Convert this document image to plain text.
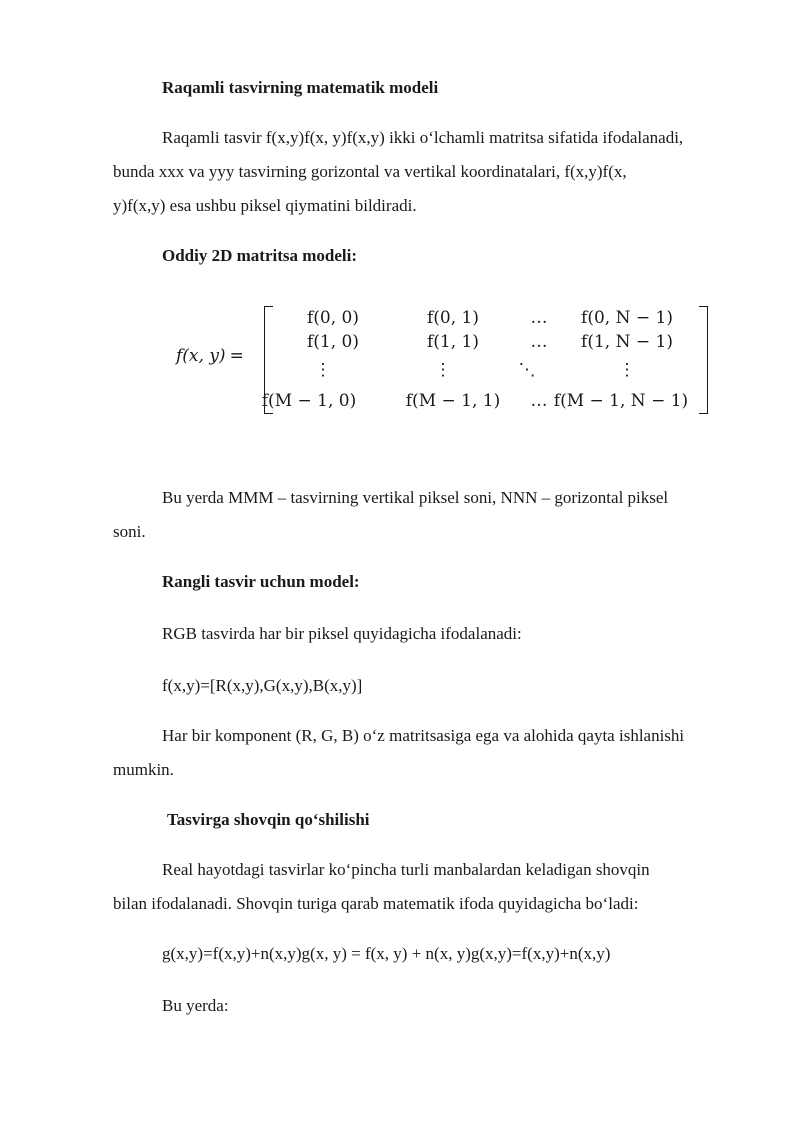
Raqamli tasvirning matematik modeli
Raqamli tasvir f(x,y)f(x, y)f(x,y) ikki oʻlchamli matritsa sifatida ifodalanadi,
bunda xxx va yyy tasvirning gorizontal va vertikal koordinatalari, f(x,y)f(x,
y)f(x,y) esa ushbu piksel qiymatini bildiradi.
Oddiy 2D matritsa modeli:
f(x, y) =
f(0, 0)	f(0, 1)	…	f(0, N − 1)
f(1, 0)	f(1, 1)	…	f(1, N − 1)
⋮	⋮	⋱	⋮
f(M − 1, 0)	f(M − 1, 1)	… f(M − 1, N − 1)
Bu yerda MMM – tasvirning vertikal piksel soni, NNN – gorizontal piksel
soni.
Rangli tasvir uchun model:
RGB tasvirda har bir piksel quyidagicha ifodalanadi:
f(x,y)=[R(x,y),G(x,y),B(x,y)]
Har bir komponent (R, G, B) oʻz matritsasiga ega va alohida qayta ishlanishi
mumkin.
Tasvirga shovqin qoʻshilishi
Real hayotdagi tasvirlar koʻpincha turli manbalardan keladigan shovqin
bilan ifodalanadi. Shovqin turiga qarab matematik ifoda quyidagicha boʻladi:
g(x,y)=f(x,y)+n(x,y)g(x, y) = f(x, y) + n(x, y)g(x,y)=f(x,y)+n(x,y)
Bu yerda:
